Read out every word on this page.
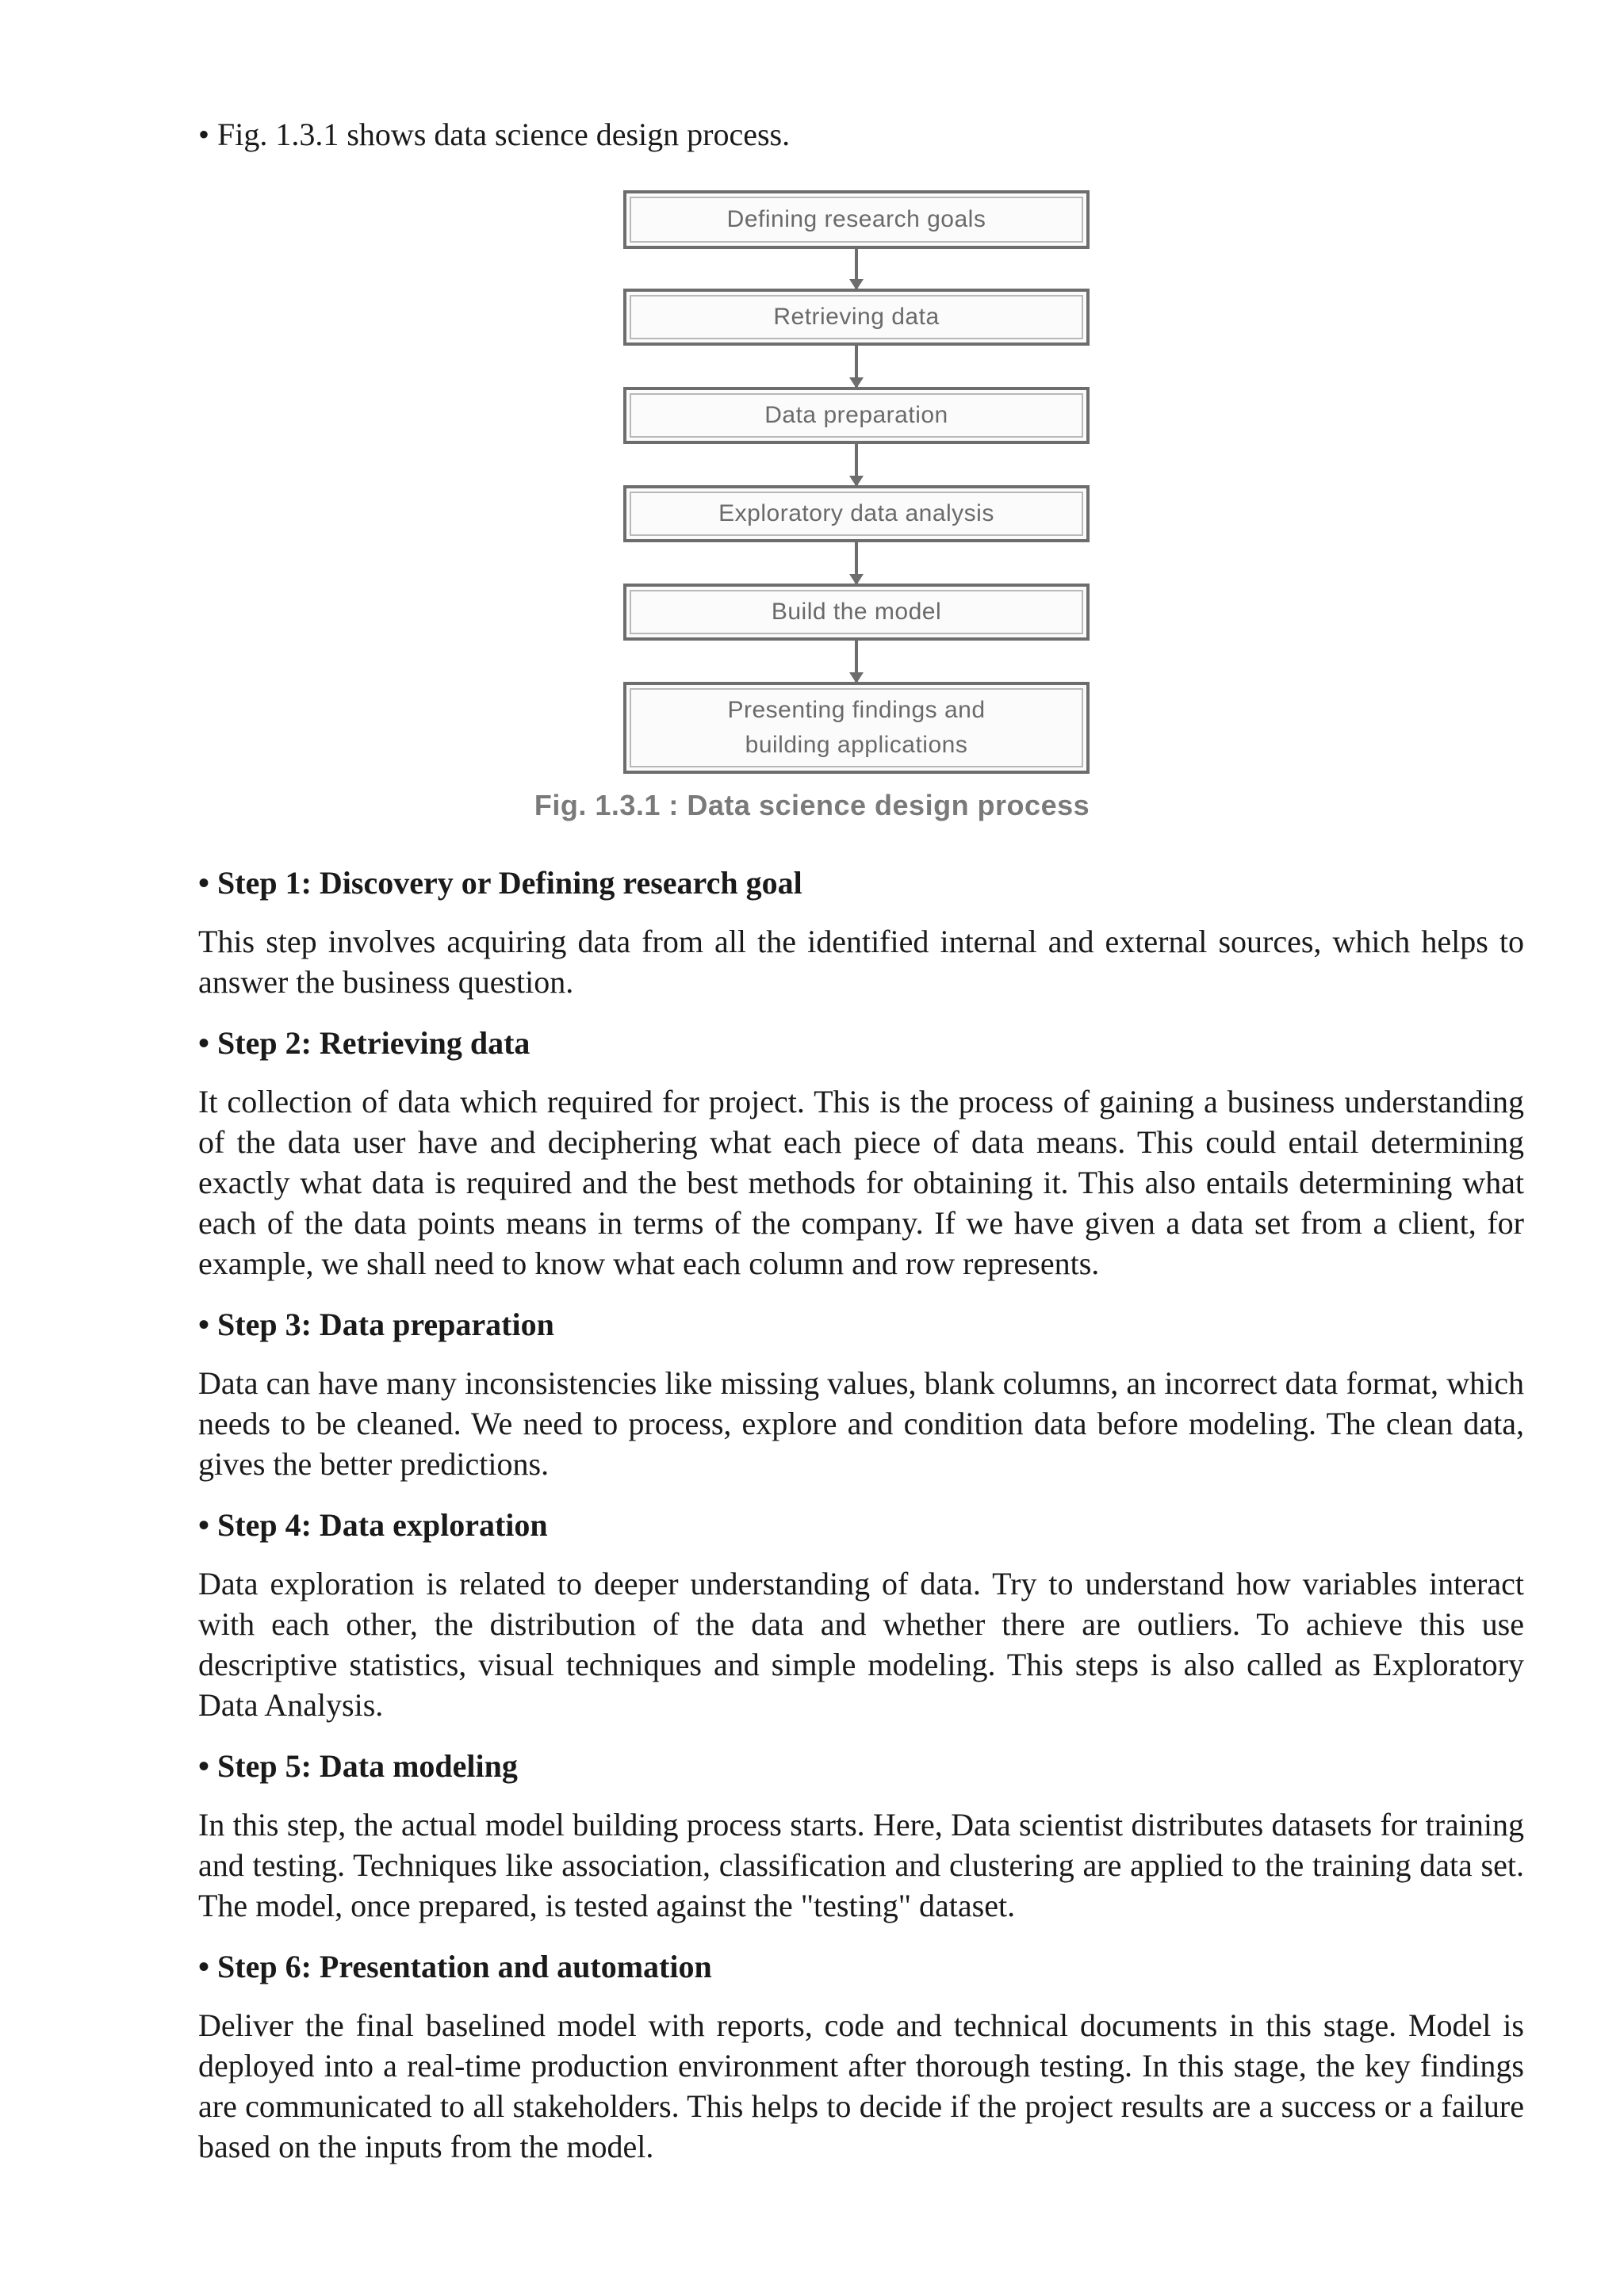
• Fig. 1.3.1 shows data science design process.

Defining research goals
Retrieving data
Data preparation
Exploratory data analysis
Build the model
Presenting findings and building applications
Fig. 1.3.1 : Data science design process

• Step 1: Discovery or Defining research goal

This step involves acquiring data from all the identified internal and external sources, which helps to answer the business question.

• Step 2: Retrieving data

It collection of data which required for project. This is the process of gaining a business understanding of the data user have and deciphering what each piece of data means. This could entail determining exactly what data is required and the best methods for obtaining it. This also entails determining what each of the data points means in terms of the company. If we have given a data set from a client, for example, we shall need to know what each column and row represents.

• Step 3: Data preparation

Data can have many inconsistencies like missing values, blank columns, an incorrect data format, which needs to be cleaned. We need to process, explore and condition data before modeling. The clean data, gives the better predictions.

• Step 4: Data exploration

Data exploration is related to deeper understanding of data. Try to understand how variables interact with each other, the distribution of the data and whether there are outliers. To achieve this use descriptive statistics, visual techniques and simple modeling. This steps is also called as Exploratory Data Analysis.

• Step 5: Data modeling

In this step, the actual model building process starts. Here, Data scientist distributes datasets for training and testing. Techniques like association, classification and clustering are applied to the training data set. The model, once prepared, is tested against the "testing" dataset.

• Step 6: Presentation and automation

Deliver the final baselined model with reports, code and technical documents in this stage. Model is deployed into a real-time production environment after thorough testing. In this stage, the key findings are communicated to all stakeholders. This helps to decide if the project results are a success or a failure based on the inputs from the model.
